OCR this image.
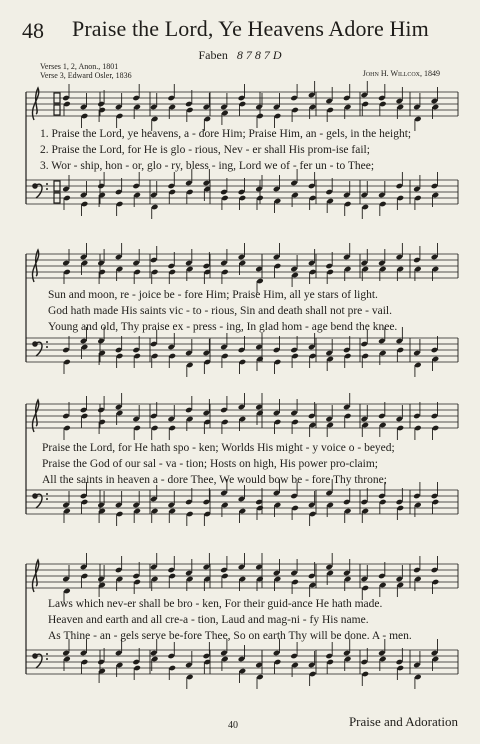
48 Praise the Lord, Ye Heavens Adore Him
Faben 8 7 8 7 D
Verses 1, 2, Anon., 1801
Verse 3, Edward Osler, 1836	John H. Willcox, 1849
1. Praise the Lord, ye heavens, a - dore Him; Praise Him, an - gels, in the height;
2. Praise the Lord, for He is glo - rious, Nev - er shall His prom-ise fail;
3. Wor - ship, hon - or, glo - ry, bless - ing, Lord we of - fer un - to Thee;
Sun and moon, re - joice be - fore Him; Praise Him, all ye stars of light.
God hath made His saints vic - to - rious, Sin and death shall not pre - vail.
Young and old, Thy praise ex - press - ing, In glad hom - age bend the knee.
Praise the Lord, for He hath spo - ken; Worlds His might - y voice o - beyed;
Praise the God of our sal - va - tion; Hosts on high, His power pro-claim;
All the saints in heaven a - dore Thee, We would bow be - fore Thy throne;
Laws which nev-er shall be bro - ken, For their guid-ance He hath made.
Heaven and earth and all cre-a - tion, Laud and mag-ni - fy His name.
As Thine - an - gels serve be-fore Thee, So on earth Thy will be done. A - men.
40	Praise and Adoration
